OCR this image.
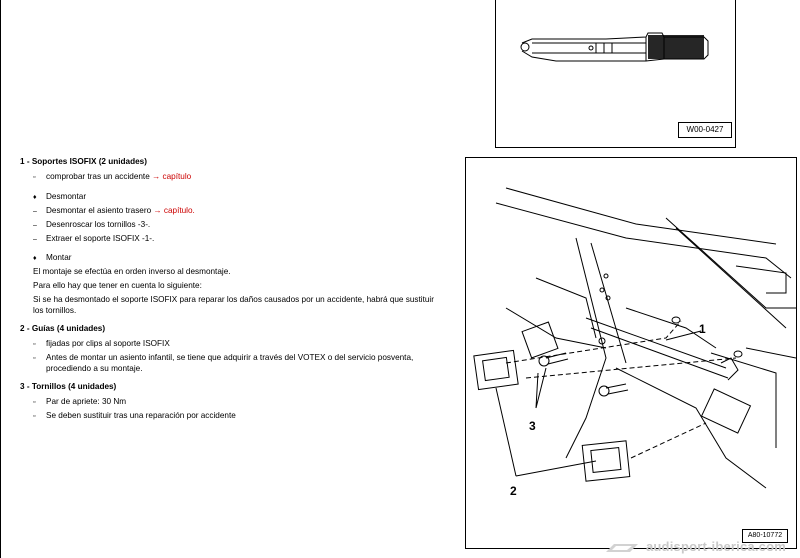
W00-0427
1
2
3
A80-10772
1 - Soportes ISOFIX (2 unidades)
▫ comprobar tras un accidente → capítulo
♦ Desmontar
– Desmontar el asiento trasero → capítulo.
– Desenroscar los tornillos -3-.
– Extraer el soporte ISOFIX -1-.
♦ Montar
El montaje se efectúa en orden inverso al desmontaje.
Para ello hay que tener en cuenta lo siguiente:
Si se ha desmontado el soporte ISOFIX para reparar los daños causados por un accidente, habrá que sustituir
los tornillos.
2 - Guías (4 unidades)
▫ fijadas por clips al soporte ISOFIX
▫ Antes de montar un asiento infantil, se tiene que adquirir a través del VOTEX o del servicio posventa,
procediendo a su montaje.
3 - Tornillos (4 unidades)
▫ Par de apriete: 30 Nm
▫ Se deben sustituir tras una reparación por accidente
audisport-iberica.com
